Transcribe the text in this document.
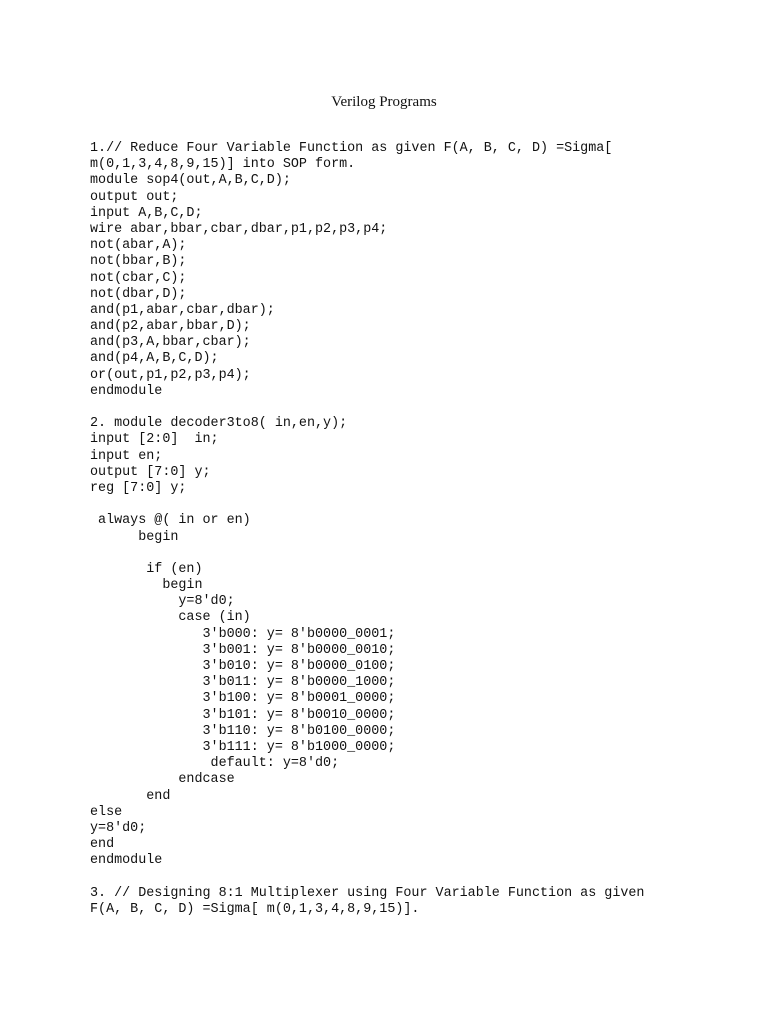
Verilog Programs
1.// Reduce Four Variable Function as given F(A, B, C, D) =Sigma[
m(0,1,3,4,8,9,15)] into SOP form.
module sop4(out,A,B,C,D);
output out;
input A,B,C,D;
wire abar,bbar,cbar,dbar,p1,p2,p3,p4;
not(abar,A);
not(bbar,B);
not(cbar,C);
not(dbar,D);
and(p1,abar,cbar,dbar);
and(p2,abar,bbar,D);
and(p3,A,bbar,cbar);
and(p4,A,B,C,D);
or(out,p1,p2,p3,p4);
endmodule
2. module decoder3to8( in,en,y);
input [2:0]  in;
input en;
output [7:0] y;
reg [7:0] y;
always @( in or en)
begin
if (en)
begin
y=8'd0;
case (in)
3'b000: y= 8'b0000_0001;
3'b001: y= 8'b0000_0010;
3'b010: y= 8'b0000_0100;
3'b011: y= 8'b0000_1000;
3'b100: y= 8'b0001_0000;
3'b101: y= 8'b0010_0000;
3'b110: y= 8'b0100_0000;
3'b111: y= 8'b1000_0000;
default: y=8'd0;
endcase
end
else
y=8'd0;
end
endmodule
3. // Designing 8:1 Multiplexer using Four Variable Function as given
F(A, B, C, D) =Sigma[ m(0,1,3,4,8,9,15)].
